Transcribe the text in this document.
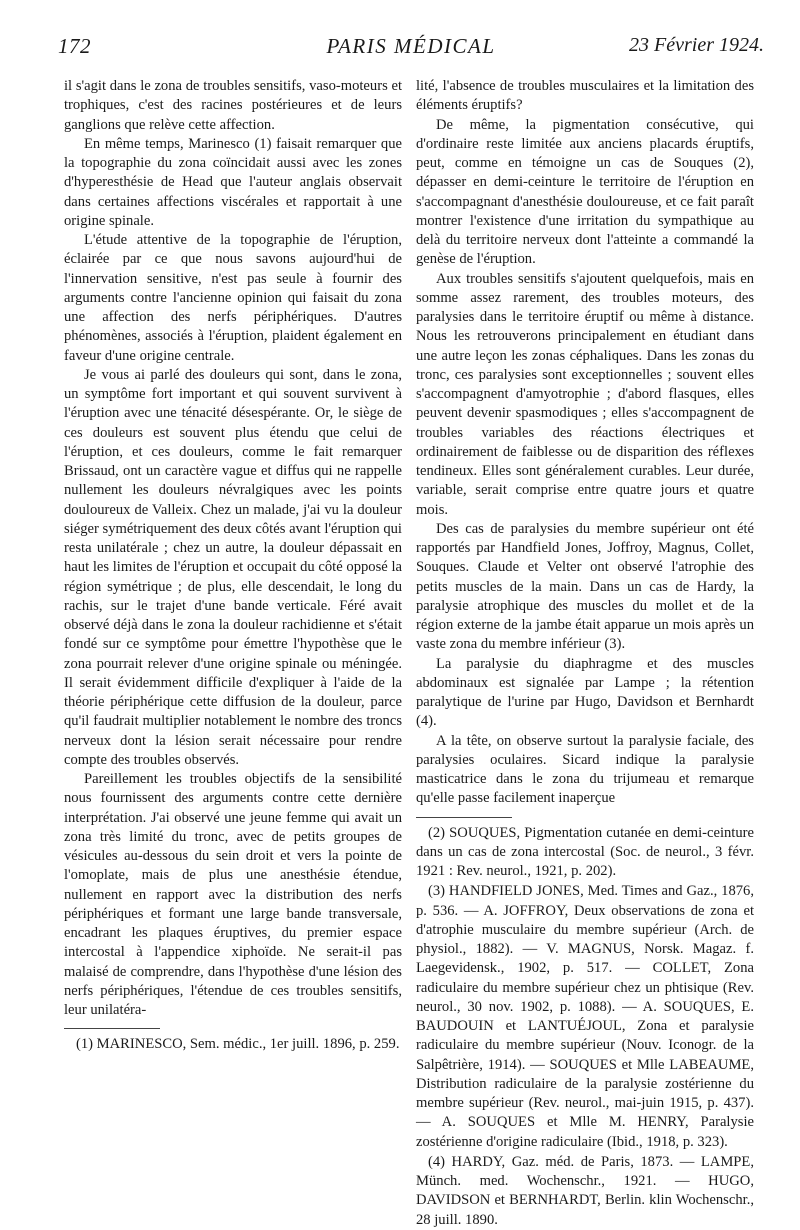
172	PARIS MÉDICAL	23 Février 1924.

il s'agit dans le zona de troubles sensitifs, vaso-moteurs et trophiques, c'est des racines postérieures et de leurs ganglions que relève cette affection.

En même temps, Marinesco (1) faisait remarquer que la topographie du zona coïncidait aussi avec les zones d'hyperesthésie de Head que l'auteur anglais observait dans certaines affections viscérales et rapportait à une origine spinale.

L'étude attentive de la topographie de l'éruption, éclairée par ce que nous savons aujourd'hui de l'innervation sensitive, n'est pas seule à fournir des arguments contre l'ancienne opinion qui faisait du zona une affection des nerfs périphériques. D'autres phénomènes, associés à l'éruption, plaident également en faveur d'une origine centrale.

Je vous ai parlé des douleurs qui sont, dans le zona, un symptôme fort important et qui souvent survivent à l'éruption avec une ténacité désespérante. Or, le siège de ces douleurs est souvent plus étendu que celui de l'éruption, et ces douleurs, comme le fait remarquer Brissaud, ont un caractère vague et diffus qui ne rappelle nullement les douleurs névralgiques avec les points douloureux de Valleix. Chez un malade, j'ai vu la douleur siéger symétriquement des deux côtés avant l'éruption qui resta unilatérale ; chez un autre, la douleur dépassait en haut les limites de l'éruption et occupait du côté opposé la région symétrique ; de plus, elle descendait, le long du rachis, sur le trajet d'une bande verticale. Féré avait observé déjà dans le zona la douleur rachidienne et s'était fondé sur ce symptôme pour émettre l'hypothèse que le zona pourrait relever d'une origine spinale ou méningée. Il serait évidemment difficile d'expliquer à l'aide de la théorie périphérique cette diffusion de la douleur, parce qu'il faudrait multiplier notablement le nombre des troncs nerveux dont la lésion serait nécessaire pour rendre compte des troubles observés.

Pareillement les troubles objectifs de la sensibilité nous fournissent des arguments contre cette dernière interprétation. J'ai observé une jeune femme qui avait un zona très limité du tronc, avec de petits groupes de vésicules au-dessous du sein droit et vers la pointe de l'omoplate, mais de plus une anesthésie étendue, nullement en rapport avec la distribution des nerfs périphériques et formant une large bande transversale, encadrant les plaques éruptives, du premier espace intercostal à l'appendice xiphoïde. Ne serait-il pas malaisé de comprendre, dans l'hypothèse d'une lésion des nerfs périphériques, l'étendue de ces troubles sensitifs, leur unilatéra-

(1) MARINESCO, Sem. médic., 1er juill. 1896, p. 259.

lité, l'absence de troubles musculaires et la limitation des éléments éruptifs?

De même, la pigmentation consécutive, qui d'ordinaire reste limitée aux anciens placards éruptifs, peut, comme en témoigne un cas de Souques (2), dépasser en demi-ceinture le territoire de l'éruption en s'accompagnant d'anesthésie douloureuse, et ce fait paraît montrer l'existence d'une irritation du sympathique au delà du territoire nerveux dont l'atteinte a commandé la genèse de l'éruption.

Aux troubles sensitifs s'ajoutent quelquefois, mais en somme assez rarement, des troubles moteurs, des paralysies dans le territoire éruptif ou même à distance. Nous les retrouverons principalement en étudiant dans une autre leçon les zonas céphaliques. Dans les zonas du tronc, ces paralysies sont exceptionnelles ; souvent elles s'accompagnent d'amyotrophie ; d'abord flasques, elles peuvent devenir spasmodiques ; elles s'accompagnent de troubles variables des réactions électriques et ordinairement de faiblesse ou de disparition des réflexes tendineux. Elles sont généralement curables. Leur durée, variable, serait comprise entre quatre jours et quatre mois.

Des cas de paralysies du membre supérieur ont été rapportés par Handfield Jones, Joffroy, Magnus, Collet, Souques. Claude et Velter ont observé l'atrophie des petits muscles de la main. Dans un cas de Hardy, la paralysie atrophique des muscles du mollet et de la région externe de la jambe était apparue un mois après un vaste zona du membre inférieur (3).

La paralysie du diaphragme et des muscles abdominaux est signalée par Lampe ; la rétention paralytique de l'urine par Hugo, Davidson et Bernhardt (4).

A la tête, on observe surtout la paralysie faciale, des paralysies oculaires. Sicard indique la paralysie masticatrice dans le zona du trijumeau et remarque qu'elle passe facilement inaperçue

(2) SOUQUES, Pigmentation cutanée en demi-ceinture dans un cas de zona intercostal (Soc. de neurol., 3 févr. 1921 : Rev. neurol., 1921, p. 202).

(3) HANDFIELD JONES, Med. Times and Gaz., 1876, p. 536. — A. JOFFROY, Deux observations de zona et d'atrophie musculaire du membre supérieur (Arch. de physiol., 1882). — V. MAGNUS, Norsk. Magaz. f. Laegevidensk., 1902, p. 517. — COLLET, Zona radiculaire du membre supérieur chez un phtisique (Rev. neurol., 30 nov. 1902, p. 1088). — A. SOUQUES, E. BAUDOUIN et LANTUÉJOUL, Zona et paralysie radiculaire du membre supérieur (Nouv. Iconogr. de la Salpêtrière, 1914). — SOUQUES et Mlle LABEAUME, Distribution radiculaire de la paralysie zostérienne du membre supérieur (Rev. neurol., mai-juin 1915, p. 437). — A. SOUQUES et Mlle M. HENRY, Paralysie zostérienne d'origine radiculaire (Ibid., 1918, p. 323).

(4) HARDY, Gaz. méd. de Paris, 1873. — LAMPE, Münch. med. Wochenschr., 1921. — HUGO, DAVIDSON et BERNHARDT, Berlin. klin Wochenschr., 28 juill. 1890.
